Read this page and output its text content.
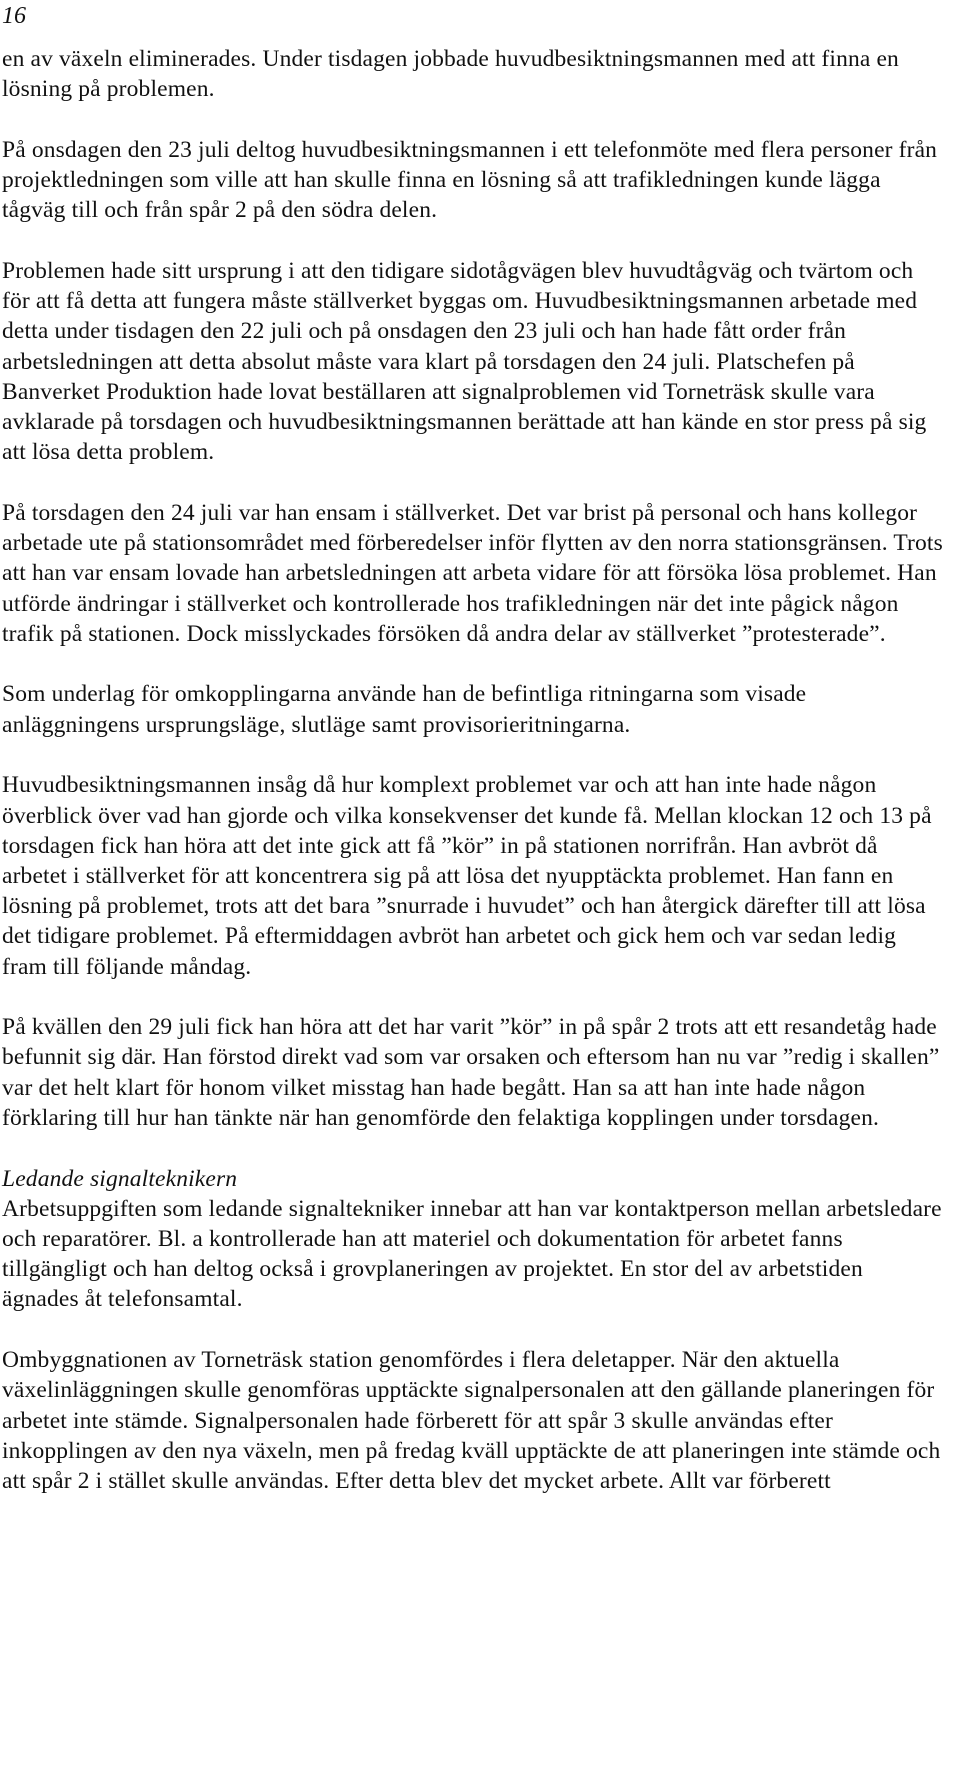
16

en av växeln eliminerades. Under tisdagen jobbade huvudbesiktningsmannen med att finna en lösning på problemen.

På onsdagen den 23 juli deltog huvudbesiktningsmannen i ett telefonmöte med flera personer från projektledningen som ville att han skulle finna en lösning så att trafikledningen kunde lägga tågväg till och från spår 2 på den södra delen.

Problemen hade sitt ursprung i att den tidigare sidotågvägen blev huvudtågväg och tvärtom och för att få detta att fungera måste ställverket byggas om. Huvudbesiktningsmannen arbetade med detta under tisdagen den 22 juli och på onsdagen den 23 juli och han hade fått order från arbetsledningen att detta absolut måste vara klart på torsdagen den 24 juli. Platschefen på Banverket Produktion hade lovat beställaren att signalproblemen vid Torneträsk skulle vara avklarade på torsdagen och huvudbesiktningsmannen berättade att han kände en stor press på sig att lösa detta problem.

På torsdagen den 24 juli var han ensam i ställverket. Det var brist på personal och hans kollegor arbetade ute på stationsområdet med förberedelser inför flytten av den norra stationsgränsen. Trots att han var ensam lovade han arbetsledningen att arbeta vidare för att försöka lösa problemet. Han utförde ändringar i ställverket och kontrollerade hos trafikledningen när det inte pågick någon trafik på stationen. Dock misslyckades försöken då andra delar av ställverket ”protesterade”.

Som underlag för omkopplingarna använde han de befintliga ritningarna som visade anläggningens ursprungsläge, slutläge samt provisorieritningarna.

Huvudbesiktningsmannen insåg då hur komplext problemet var och att han inte hade någon överblick över vad han gjorde och vilka konsekvenser det kunde få. Mellan klockan 12 och 13 på torsdagen fick han höra att det inte gick att få ”kör” in på stationen norrifrån. Han avbröt då arbetet i ställverket för att koncentrera sig på att lösa det nyupptäckta problemet. Han fann en lösning på problemet, trots att det bara ”snurrade i huvudet” och han återgick därefter till att lösa det tidigare problemet. På eftermiddagen avbröt han arbetet och gick hem och var sedan ledig fram till följande måndag.

På kvällen den 29 juli fick han höra att det har varit ”kör” in på spår 2 trots att ett resandetåg hade befunnit sig där. Han förstod direkt vad som var orsaken och eftersom han nu var ”redig i skallen” var det helt klart för honom vilket misstag han hade begått. Han sa att han inte hade någon förklaring till hur han tänkte när han genomförde den felaktiga kopplingen under torsdagen.

Ledande signalteknikern

Arbetsuppgiften som ledande signaltekniker innebar att han var kontaktperson mellan arbetsledare och reparatörer. Bl. a kontrollerade han att materiel och dokumentation för arbetet fanns tillgängligt och han deltog också i grovplaneringen av projektet. En stor del av arbetstiden ägnades åt telefonsamtal.

Ombyggnationen av Torneträsk station genomfördes i flera deletapper. När den aktuella växelinläggningen skulle genomföras upptäckte signalpersonalen att den gällande planeringen för arbetet inte stämde. Signalpersonalen hade förberett för att spår 3 skulle användas efter inkopplingen av den nya växeln, men på fredag kväll upptäckte de att planeringen inte stämde och att spår 2 i stället skulle användas. Efter detta blev det mycket arbete. Allt var förberett
